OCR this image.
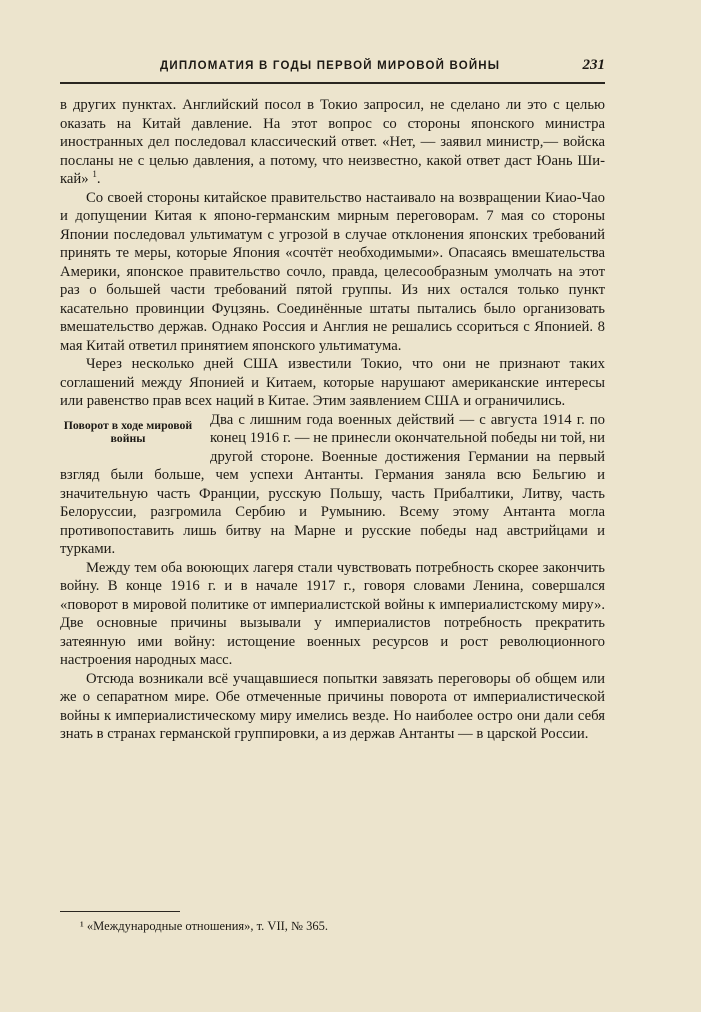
ДИПЛОМАТИЯ В ГОДЫ ПЕРВОЙ МИРОВОЙ ВОЙНЫ	231

в других пунктах. Английский посол в Токио запросил, не сделано ли это с целью оказать на Китай давление. На этот вопрос со стороны японского министра иностранных дел последовал классический ответ. «Нет, — заявил министр,— войска посланы не с целью давления, а потому, что неизвестно, какой ответ даст Юань Ши-кай» $^1$.

Со своей стороны китайское правительство настаивало на возвращении Киао-Чао и допущении Китая к японо-германским мирным переговорам. 7 мая со стороны Японии последовал ультиматум с угрозой в случае отклонения японских требований принять те меры, которые Япония «сочтёт необходимыми». Опасаясь вмешательства Америки, японское правительство сочло, правда, целесообразным умолчать на этот раз о большей части требований пятой группы. Из них остался только пункт касательно провинции Фуцзянь. Соединённые штаты пытались было организовать вмешательство держав. Однако Россия и Англия не решались ссориться с Японией. 8 мая Китай ответил принятием японского ультиматума.

Через несколько дней США известили Токио, что они не признают таких соглашений между Японией и Китаем, которые нарушают американские интересы или равенство прав всех наций в Китае. Этим заявлением США и ограничились.

Поворот в ходе мировой войны

Два с лишним года военных действий — с августа 1914 г. по конец 1916 г. — не принесли окончательной победы ни той, ни другой стороне. Военные достижения Германии на первый взгляд были больше, чем успехи Антанты. Германия заняла всю Бельгию и значительную часть Франции, русскую Польшу, часть Прибалтики, Литву, часть Белоруссии, разгромила Сербию и Румынию. Всему этому Антанта могла противопоставить лишь битву на Марне и русские победы над австрийцами и турками.

Между тем оба воюющих лагеря стали чувствовать потребность скорее закончить войну. В конце 1916 г. и в начале 1917 г., говоря словами Ленина, совершался «поворот в мировой политике от империалистской войны к империалистскому миру». Две основные причины вызывали у империалистов потребность прекратить затеянную ими войну: истощение военных ресурсов и рост революционного настроения народных масс.

Отсюда возникали всё учащавшиеся попытки завязать переговоры об общем или же о сепаратном мире. Обе отмеченные причины поворота от империалистической войны к империалистическому миру имелись везде. Но наиболее остро они дали себя знать в странах германской группировки, а из держав Антанты — в царской России.

¹ «Международные отношения», т. VII, № 365.
